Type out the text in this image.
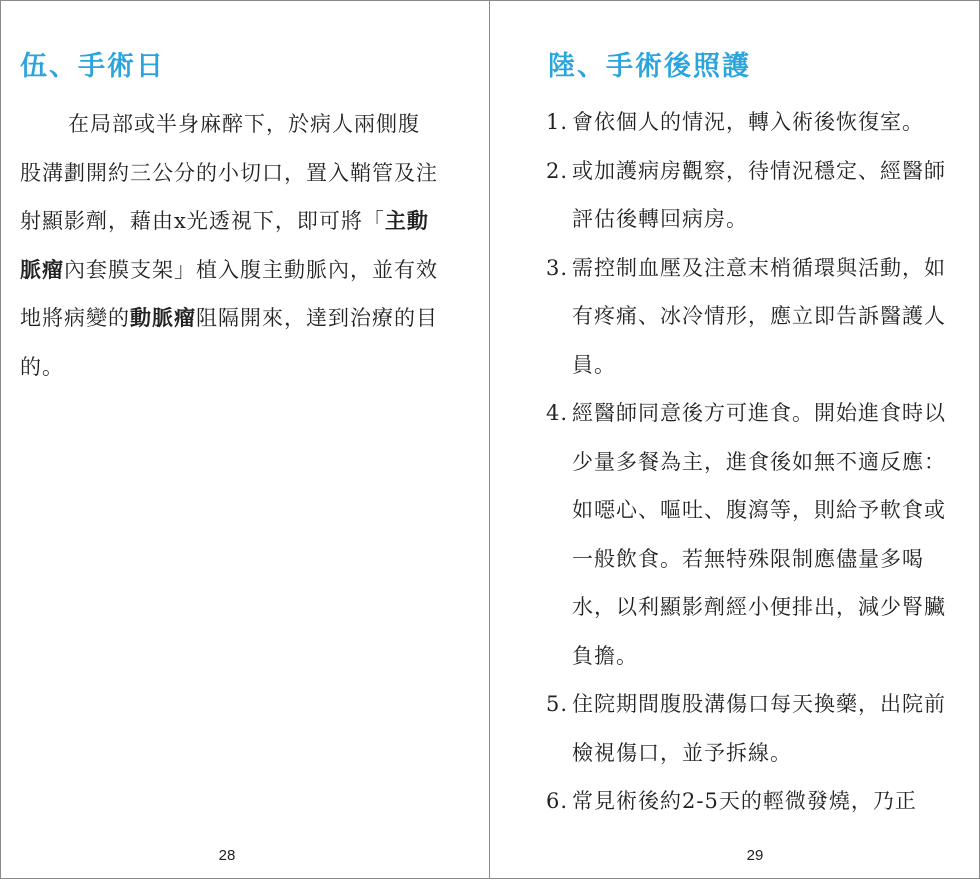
伍、手術日

在局部或半身麻醉下，於病人兩側腹股溝劃開約三公分的小切口，置入鞘管及注射顯影劑，藉由x光透視下，即可將「主動脈瘤內套膜支架」植入腹主動脈內，並有效地將病變的動脈瘤阻隔開來，達到治療的目的。

28
陸、手術後照護
1. 會依個人的情況，轉入術後恢復室。
2. 或加護病房觀察，待情況穩定、經醫師評估後轉回病房。
3. 需控制血壓及注意末梢循環與活動，如有疼痛、冰冷情形，應立即告訴醫護人員。
4. 經醫師同意後方可進食。開始進食時以少量多餐為主，進食後如無不適反應：如噁心、嘔吐、腹瀉等，則給予軟食或一般飲食。若無特殊限制應儘量多喝水，以利顯影劑經小便排出，減少腎臟負擔。
5. 住院期間腹股溝傷口每天換藥，出院前檢視傷口，並予拆線。
6. 常見術後約2-5天的輕微發燒，乃正
29
